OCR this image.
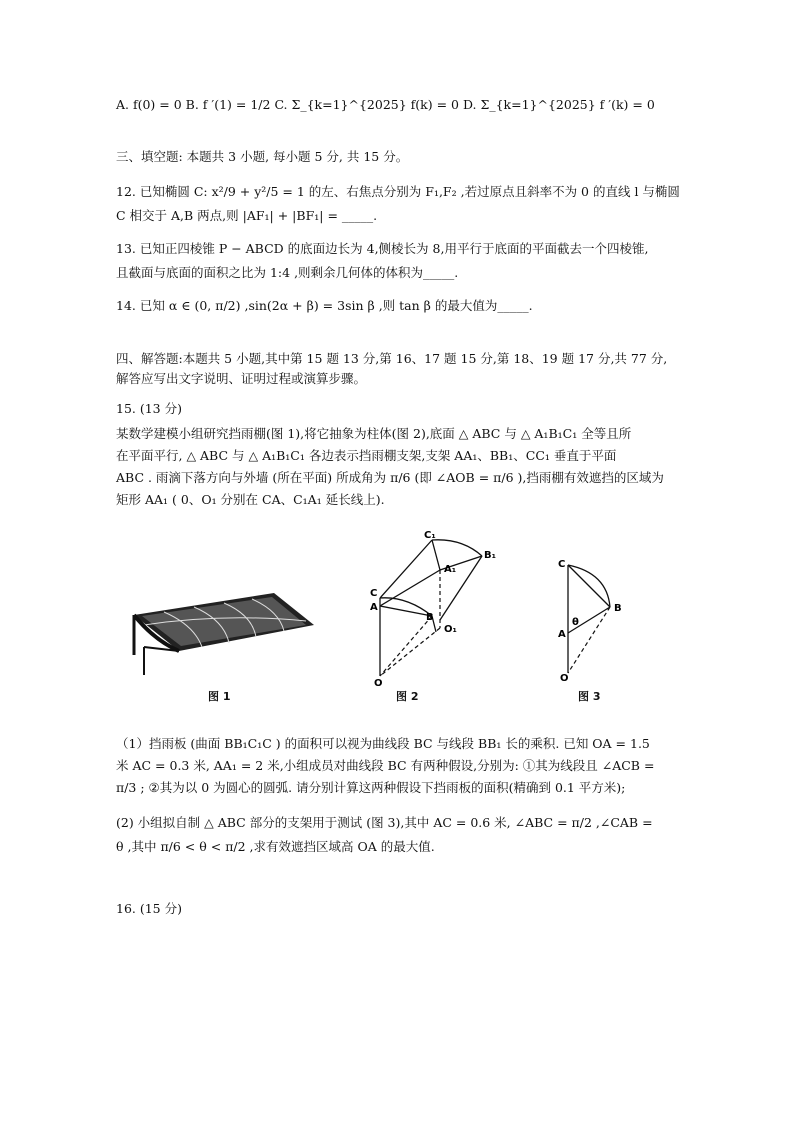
A. f(0) = 0 B. f ′(1) = 1/2 C. Σ_{k=1}^{2025} f(k) = 0 D. Σ_{k=1}^{2025} f ′(k) = 0
三、填空题: 本题共 3 小题, 每小题 5 分, 共 15 分。
12. 已知椭圆 C: x²/9 + y²/5 = 1 的左、右焦点分别为 F₁,F₂ ,若过原点且斜率不为 0 的直线 l 与椭圆
C 相交于 A,B 两点,则 |AF₁| + |BF₁| = _____.
13. 已知正四棱锥 P − ABCD 的底面边长为 4,侧棱长为 8,用平行于底面的平面截去一个四棱锥,
且截面与底面的面积之比为 1:4 ,则剩余几何体的体积为_____.
14. 已知 α ∈ (0, π/2) ,sin(2α + β) = 3sin β ,则 tan β 的最大值为_____.
四、解答题:本题共 5 小题,其中第 15 题 13 分,第 16、17 题 15 分,第 18、19 题 17 分,共 77 分,
解答应写出文字说明、证明过程或演算步骤。
15. (13 分)
某数学建模小组研究挡雨棚(图 1),将它抽象为柱体(图 2),底面 △ ABC 与 △ A₁B₁C₁ 全等且所
在平面平行, △ ABC 与 △ A₁B₁C₁ 各边表示挡雨棚支架,支架 AA₁、BB₁、CC₁ 垂直于平面
ABC . 雨滴下落方向与外墙 (所在平面) 所成角为 π/6 (即 ∠AOB = π/6 ),挡雨棚有效遮挡的区域为
矩形 AA₁ ( 0、O₁ 分别在 CA、C₁A₁ 延长线上).
C₁
B₁
A₁
C
A
B
O₁
O
C
B
θ
A
O
图 1	图 2	图 3
（1）挡雨板 (曲面 BB₁C₁C ) 的面积可以视为曲线段 BC 与线段 BB₁ 长的乘积. 已知 OA = 1.5
米 AC = 0.3 米, AA₁ = 2 米,小组成员对曲线段 BC 有两种假设,分别为: ①其为线段且 ∠ACB =
π/3 ; ②其为以 0 为圆心的圆弧. 请分别计算这两种假设下挡雨板的面积(精确到 0.1 平方米);
(2) 小组拟自制 △ ABC 部分的支架用于测试 (图 3),其中 AC = 0.6 米, ∠ABC = π/2 ,∠CAB =
θ ,其中 π/6 < θ < π/2 ,求有效遮挡区域高 OA 的最大值.
16. (15 分)
